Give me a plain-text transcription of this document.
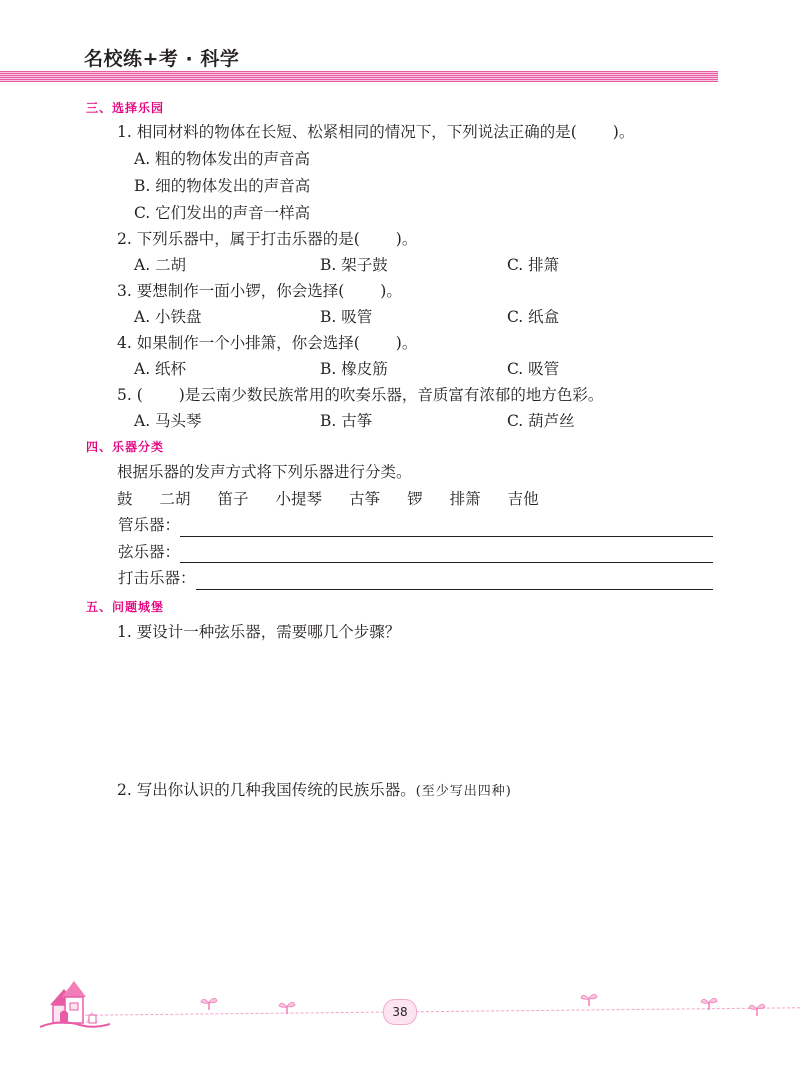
名校练+考 · 科学
三、选择乐园
1. 相同材料的物体在长短、松紧相同的情况下，下列说法正确的是( )。
A. 粗的物体发出的声音高
B. 细的物体发出的声音高
C. 它们发出的声音一样高
2. 下列乐器中，属于打击乐器的是( )。
A. 二胡	B. 架子鼓	C. 排箫
3. 要想制作一面小锣，你会选择( )。
A. 小铁盘	B. 吸管	C. 纸盒
4. 如果制作一个小排箫，你会选择( )。
A. 纸杯	B. 橡皮筋	C. 吸管
5. ( )是云南少数民族常用的吹奏乐器，音质富有浓郁的地方色彩。
A. 马头琴	B. 古筝	C. 葫芦丝
四、乐器分类
根据乐器的发声方式将下列乐器进行分类。
鼓 二胡 笛子 小提琴 古筝 锣 排箫 吉他
管乐器：
弦乐器：
打击乐器：
五、问题城堡
1. 要设计一种弦乐器，需要哪几个步骤？
2. 写出你认识的几种我国传统的民族乐器。(至少写出四种)
38
